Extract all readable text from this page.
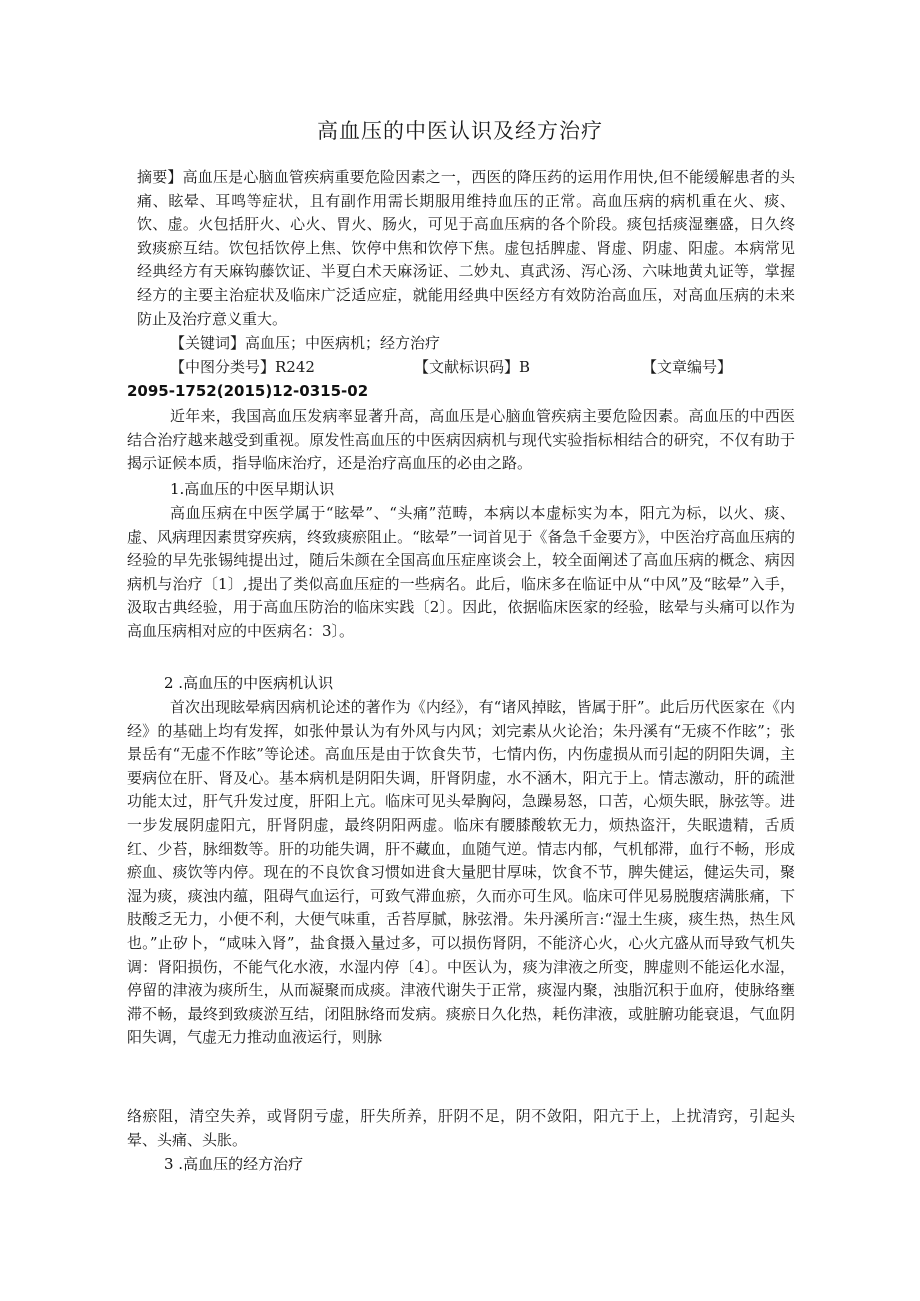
高血压的中医认识及经方治疗
摘要】高血压是心脑血管疾病重要危险因素之一，西医的降压药的运用作用快,但不能缓解患者的头痛、眩晕、耳鸣等症状，且有副作用需长期服用维持血压的正常。高血压病的病机重在火、痰、饮、虚。火包括肝火、心火、胃火、肠火，可见于高血压病的各个阶段。痰包括痰湿壅盛，日久终致痰瘀互结。饮包括饮停上焦、饮停中焦和饮停下焦。虚包括脾虚、肾虚、阴虚、阳虚。本病常见经典经方有天麻钩藤饮证、半夏白术天麻汤证、二妙丸、真武汤、泻心汤、六味地黄丸证等，掌握经方的主要主治症状及临床广泛适应症，就能用经典中医经方有效防治高血压，对高血压病的未来防止及治疗意义重大。
【关键词】高血压；中医病机；经方治疗
【中图分类号】R242	【文献标识码】B	【文章编号】
2095-1752(2015)12-0315-02
近年来，我国高血压发病率显著升高，高血压是心脑血管疾病主要危险因素。高血压的中西医结合治疗越来越受到重视。原发性高血压的中医病因病机与现代实验指标相结合的研究，不仅有助于揭示证候本质，指导临床治疗，还是治疗高血压的必由之路。
1.高血压的中医早期认识
高血压病在中医学属于“眩晕”、“头痛”范畴，本病以本虚标实为本，阳亢为标，以火、痰、虚、风病理因素贯穿疾病，终致痰瘀阻止。“眩晕”一词首见于《备急千金要方》，中医治疗高血压病的经验的早先张锡纯提出过，随后朱颜在全国高血压症座谈会上，较全面阐述了高血压病的概念、病因病机与治疗〔1〕,提出了类似高血压症的一些病名。此后，临床多在临证中从“中风”及“眩晕”入手，汲取古典经验，用于高血压防治的临床实践〔2〕。因此，依据临床医家的经验，眩晕与头痛可以作为高血压病相对应的中医病名：3〕。
2 .高血压的中医病机认识
首次出现眩晕病因病机论述的著作为《内经》，有“诸风掉眩，皆属于肝”。此后历代医家在《内经》的基础上均有发挥，如张仲景认为有外风与内风；刘完素从火论治；朱丹溪有“无痰不作眩”；张景岳有“无虚不作眩”等论述。高血压是由于饮食失节，七情内伤，内伤虚损从而引起的阴阳失调，主要病位在肝、肾及心。基本病机是阴阳失调，肝肾阴虚，水不涵木，阳亢于上。情志激动，肝的疏泄功能太过，肝气升发过度，肝阳上亢。临床可见头晕胸闷，急躁易怒，口苦，心烦失眠，脉弦等。进一步发展阴虚阳亢，肝肾阴虚，最终阴阳两虚。临床有腰膝酸软无力，烦热盗汗，失眠遗精，舌质红、少苔，脉细数等。肝的功能失调，肝不藏血，血随气逆。情志内郁，气机郁滞，血行不畅，形成瘀血、痰饮等内停。现在的不良饮食习惯如进食大量肥甘厚味，饮食不节，脾失健运，健运失司，聚湿为痰，痰浊内蕴，阻碍气血运行，可致气滞血瘀，久而亦可生风。临床可伴见易脱腹痞满胀痛，下肢酸乏无力，小便不利，大便气味重，舌苔厚腻，脉弦滑。朱丹溪所言:“湿土生痰，痰生热，热生风也。”止矽卜，“咸味入肾”，盐食摄入量过多，可以损伤肾阴，不能济心火，心火亢盛从而导致气机失调：肾阳损伤，不能气化水液，水湿内停〔4〕。中医认为，痰为津液之所变，脾虚则不能运化水湿，停留的津液为痰所生，从而凝聚而成痰。津液代谢失于正常，痰湿内聚，浊脂沉积于血府，使脉络壅滞不畅，最终到致痰淤互结，闭阻脉络而发病。痰瘀日久化热，耗伤津液，或脏腑功能衰退，气血阴阳失调，气虚无力推动血液运行，则脉
络瘀阻，清空失养，或肾阴亏虚，肝失所养，肝阴不足，阴不敛阳，阳亢于上，上扰清窍，引起头晕、头痛、头胀。
3 .高血压的经方治疗
